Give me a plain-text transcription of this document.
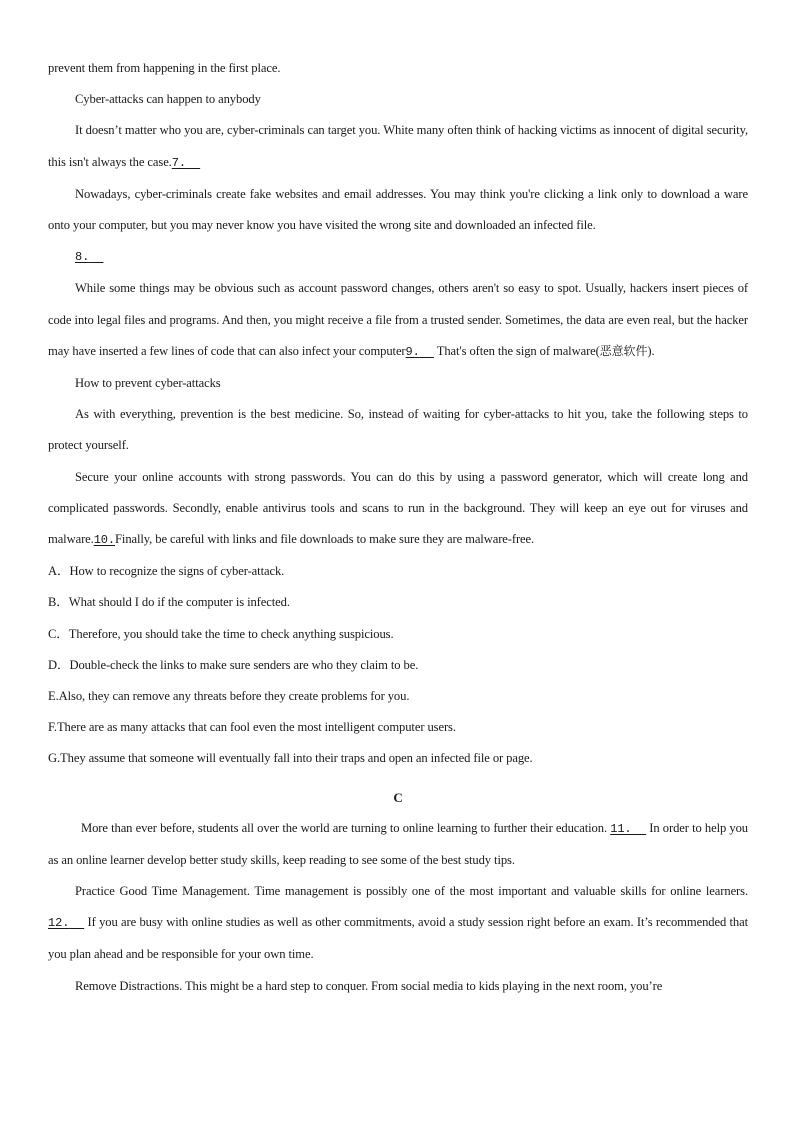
prevent them from happening in the first place.

Cyber-attacks can happen to anybody

It doesn’t matter who you are, cyber-criminals can target you. White many often think of hacking victims as innocent of digital security, this isn't always the case.7.

Nowadays, cyber-criminals create fake websites and email addresses. You may think you're clicking a link only to download a ware onto your computer, but you may never know you have visited the wrong site and downloaded an infected file.

8.

While some things may be obvious such as account password changes, others aren't so easy to spot. Usually, hackers insert pieces of code into legal files and programs. And then, you might receive a file from a trusted sender. Sometimes, the data are even real, but the hacker may have inserted a few lines of code that can also infect your computer9.   That's often the sign of malware(恶意软件).

How to prevent cyber-attacks

As with everything, prevention is the best medicine. So, instead of waiting for cyber-attacks to hit you, take the following steps to protect yourself.

Secure your online accounts with strong passwords. You can do this by using a password generator, which will create long and complicated passwords. Secondly, enable antivirus tools and scans to run in the background. They will keep an eye out for viruses and malware.10.Finally, be careful with links and file downloads to make sure they are malware-free.

A．How to recognize the signs of cyber-attack.

B．What should I do if the computer is infected.

C．Therefore, you should take the time to check anything suspicious.

D．Double-check the links to make sure senders are who they claim to be.

E.Also, they can remove any threats before they create problems for you.

F.There are as many attacks that can fool even the most intelligent computer users.

G.They assume that someone will eventually fall into their traps and open an infected file or page.

C

More than ever before, students all over the world are turning to online learning to further their education. 11.   In order to help you as an online learner develop better study skills, keep reading to see some of the best study tips.

Practice Good Time Management. Time management is possibly one of the most important and valuable skills for online learners. 12.   If you are busy with online studies as well as other commitments, avoid a study session right before an exam. It’s recommended that you plan ahead and be responsible for your own time.

Remove Distractions. This might be a hard step to conquer. From social media to kids playing in the next room, you’re
